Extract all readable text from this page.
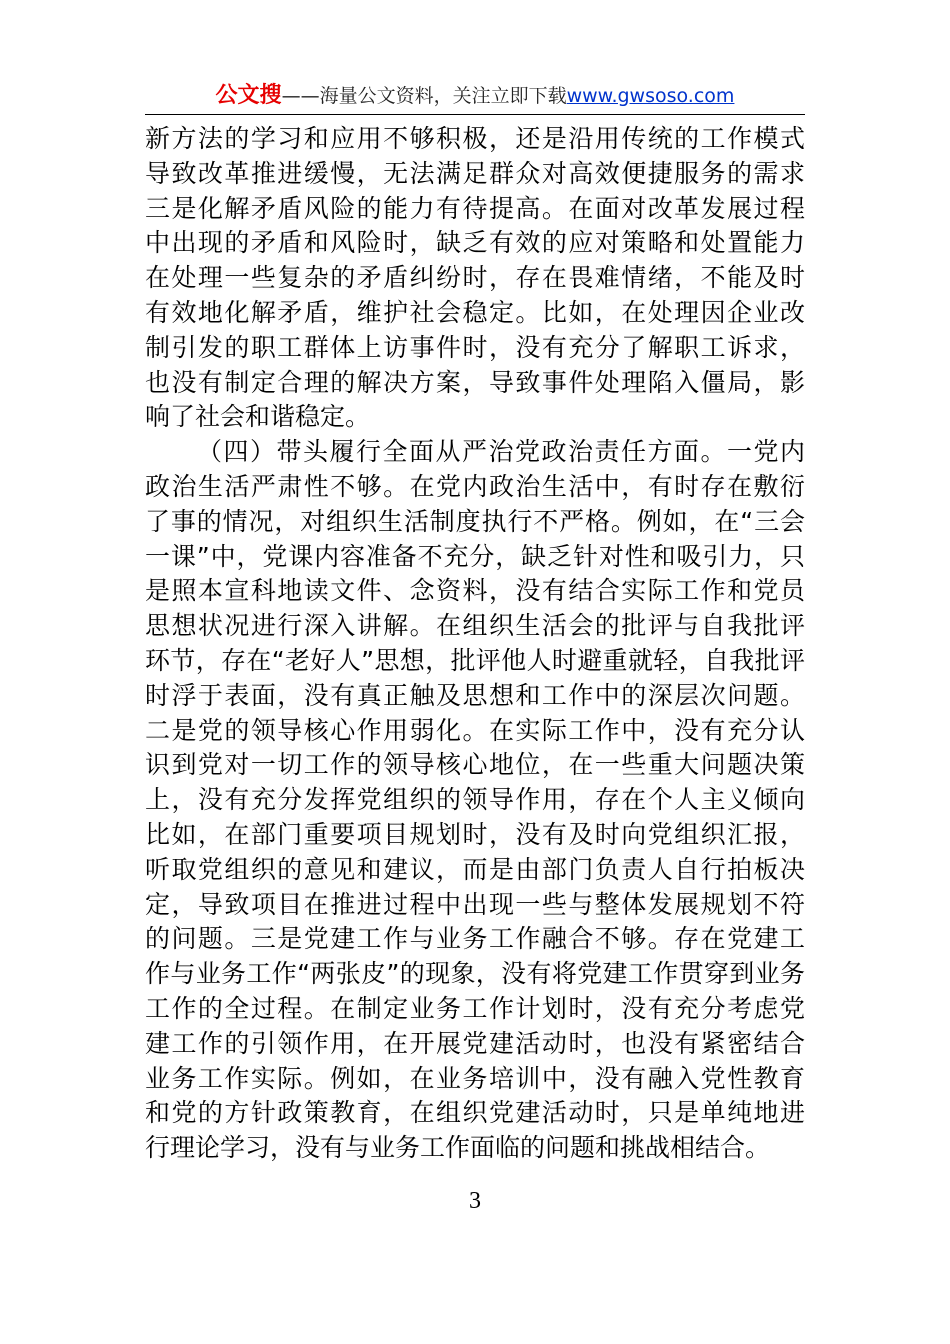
公文搜——海量公文资料，关注立即下载www.gwsoso.com
新方法的学习和应用不够积极，还是沿用传统的工作模式
导致改革推进缓慢，无法满足群众对高效便捷服务的需求
三是化解矛盾风险的能力有待提高。在面对改革发展过程
中出现的矛盾和风险时，缺乏有效的应对策略和处置能力
在处理一些复杂的矛盾纠纷时，存在畏难情绪，不能及时
有效地化解矛盾，维护社会稳定。比如，在处理因企业改
制引发的职工群体上访事件时，没有充分了解职工诉求，
也没有制定合理的解决方案，导致事件处理陷入僵局，影
响了社会和谐稳定。
（四）带头履行全面从严治党政治责任方面。一党内
政治生活严肃性不够。在党内政治生活中，有时存在敷衍
了事的情况，对组织生活制度执行不严格。例如，在“三会
一课”中，党课内容准备不充分，缺乏针对性和吸引力，只
是照本宣科地读文件、念资料，没有结合实际工作和党员
思想状况进行深入讲解。在组织生活会的批评与自我批评
环节，存在“老好人”思想，批评他人时避重就轻，自我批评
时浮于表面，没有真正触及思想和工作中的深层次问题。
二是党的领导核心作用弱化。在实际工作中，没有充分认
识到党对一切工作的领导核心地位，在一些重大问题决策
上，没有充分发挥党组织的领导作用，存在个人主义倾向
比如，在部门重要项目规划时，没有及时向党组织汇报，
听取党组织的意见和建议，而是由部门负责人自行拍板决
定，导致项目在推进过程中出现一些与整体发展规划不符
的问题。三是党建工作与业务工作融合不够。存在党建工
作与业务工作“两张皮”的现象，没有将党建工作贯穿到业务
工作的全过程。在制定业务工作计划时，没有充分考虑党
建工作的引领作用，在开展党建活动时，也没有紧密结合
业务工作实际。例如，在业务培训中，没有融入党性教育
和党的方针政策教育，在组织党建活动时，只是单纯地进
行理论学习，没有与业务工作面临的问题和挑战相结合。
3
